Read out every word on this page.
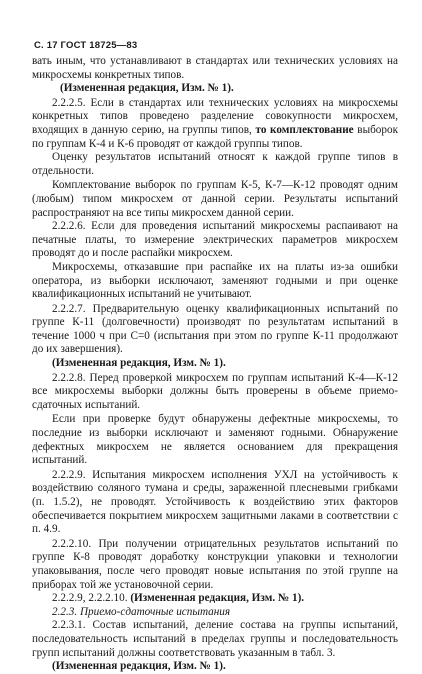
С. 17 ГОСТ 18725—83

вать иным, что устанавливают в стандартах или технических условиях на микросхемы конкретных типов.

(Измененная редакция, Изм. № 1).

2.2.2.5. Если в стандартах или технических условиях на микросхемы конкретных типов проведено разделение совокупности микросхем, входящих в данную серию, на группы типов, то комплектование выборок по группам К-4 и К-6 проводят от каждой группы типов.

Оценку результатов испытаний относят к каждой группе типов в отдельности.

Комплектование выборок по группам К-5, К-7—К-12 проводят одним (любым) типом микросхем от данной серии. Результаты испытаний распространяют на все типы микросхем данной серии.

2.2.2.6. Если для проведения испытаний микросхемы распаивают на печатные платы, то измерение электрических параметров микросхем проводят до и после распайки микросхем.

Микросхемы, отказавшие при распайке их на платы из-за ошибки оператора, из выборки исключают, заменяют годными и при оценке квалификационных испытаний не учитывают.

2.2.2.7. Предварительную оценку квалификационных испытаний по группе К-11 (долговечности) производят по результатам испытаний в течение 1000 ч при C=0 (испытания при этом по группе К-11 продолжают до их завершения).

(Измененная редакция, Изм. № 1).

2.2.2.8. Перед проверкой микросхем по группам испытаний К-4—К-12 все микросхемы выборки должны быть проверены в объеме приемо-сдаточных испытаний.

Если при проверке будут обнаружены дефектные микросхемы, то последние из выборки исключают и заменяют годными. Обнаружение дефектных микросхем не является основанием для прекращения испытаний.

2.2.2.9. Испытания микросхем исполнения УХЛ на устойчивость к воздействию соляного тумана и среды, зараженной плесневыми грибками (п. 1.5.2), не проводят. Устойчивость к воздействию этих факторов обеспечивается покрытием микросхем защитными лаками в соответствии с п. 4.9.

2.2.2.10. При получении отрицательных результатов испытаний по группе К-8 проводят доработку конструкции упаковки и технологии упаковывания, после чего проводят новые испытания по этой группе на приборах той же установочной серии.

2.2.2.9, 2.2.2.10. (Измененная редакция, Изм. № 1).

2.2.3. Приемо-сдаточные испытания

2.2.3.1. Состав испытаний, деление состава на группы испытаний, последовательность испытаний в пределах группы и последовательность групп испытаний должны соответствовать указанным в табл. 3.

(Измененная редакция, Изм. № 1).
